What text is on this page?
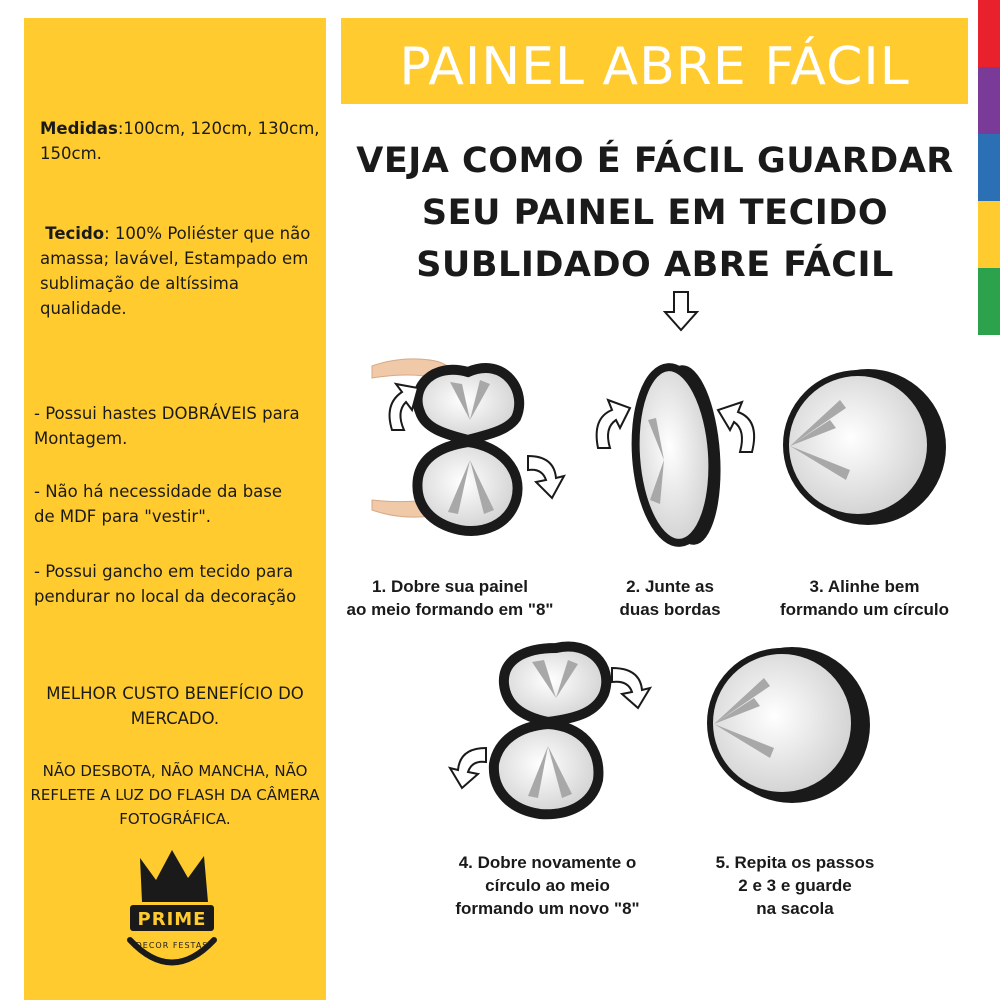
Medidas:100cm, 120cm, 130cm, 150cm.
Tecido: 100% Poliéster que não amassa; lavável, Estampado em sublimação de altíssima qualidade.
- Possui hastes DOBRÁVEIS para Montagem.
- Não há necessidade da base de MDF para "vestir".
- Possui gancho em tecido para pendurar no local da decoração
MELHOR CUSTO BENEFÍCIO DO MERCADO.
NÃO DESBOTA, NÃO MANCHA, NÃO REFLETE A LUZ DO FLASH DA CÂMERA FOTOGRÁFICA.
PRIME
DECOR FESTAS
PAINEL ABRE FÁCIL
VEJA COMO É FÁCIL GUARDAR
SEU PAINEL EM TECIDO
SUBLIDADO ABRE FÁCIL
1. Dobre sua painel
ao meio formando em "8"
2. Junte as
duas bordas
3. Alinhe bem
formando um círculo
4. Dobre novamente o
círculo ao meio
formando um novo "8"
5. Repita os passos
2 e 3 e guarde
na sacola
